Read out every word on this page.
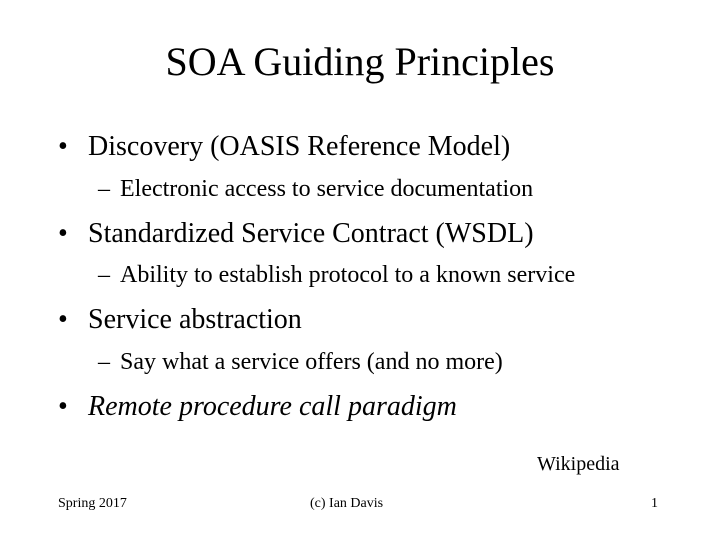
SOA Guiding Principles
• Discovery (OASIS Reference Model)
– Electronic access to service documentation
• Standardized Service Contract (WSDL)
– Ability to establish protocol to a known service
• Service abstraction
– Say what a service offers (and no more)
• Remote procedure call paradigm
Wikipedia
Spring 2017	(c) Ian Davis	1
